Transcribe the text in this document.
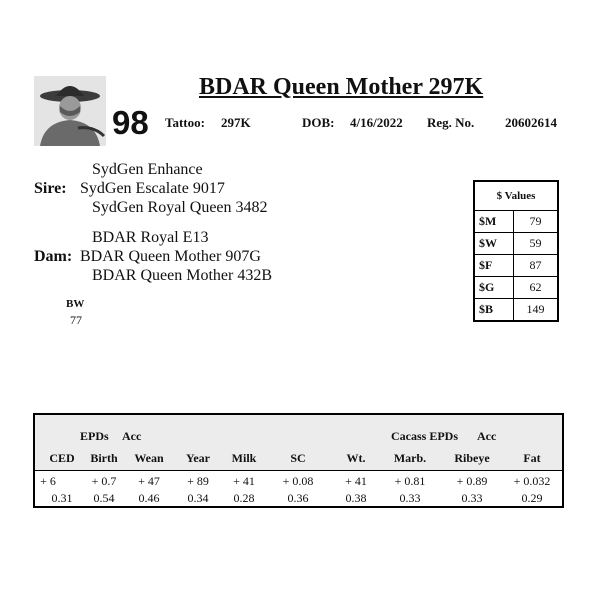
BDAR Queen Mother 297K
98 Tattoo: 297K	DOB: 4/16/2022 Reg. No. 20602614
SydGen Enhance
Sire: SydGen Escalate 9017
SydGen Royal Queen 3482
BDAR Royal E13
Dam: BDAR Queen Mother 907G
BDAR Queen Mother 432B
BW
77
$ Values	
$M	79
$W	59
$F	87
$G	62
$B	149
EPDs Acc	Cacass EPDs Acc
CED	Birth	Wean	Year	Milk	SC	Wt.	Marb.	Ribeye	Fat
+ 6	+ 0.7	+ 47	+ 89	+ 41	+ 0.08	+ 41	+ 0.81	+ 0.89	+ 0.032
0.31	0.54	0.46	0.34	0.28	0.36	0.38	0.33	0.33	0.29
